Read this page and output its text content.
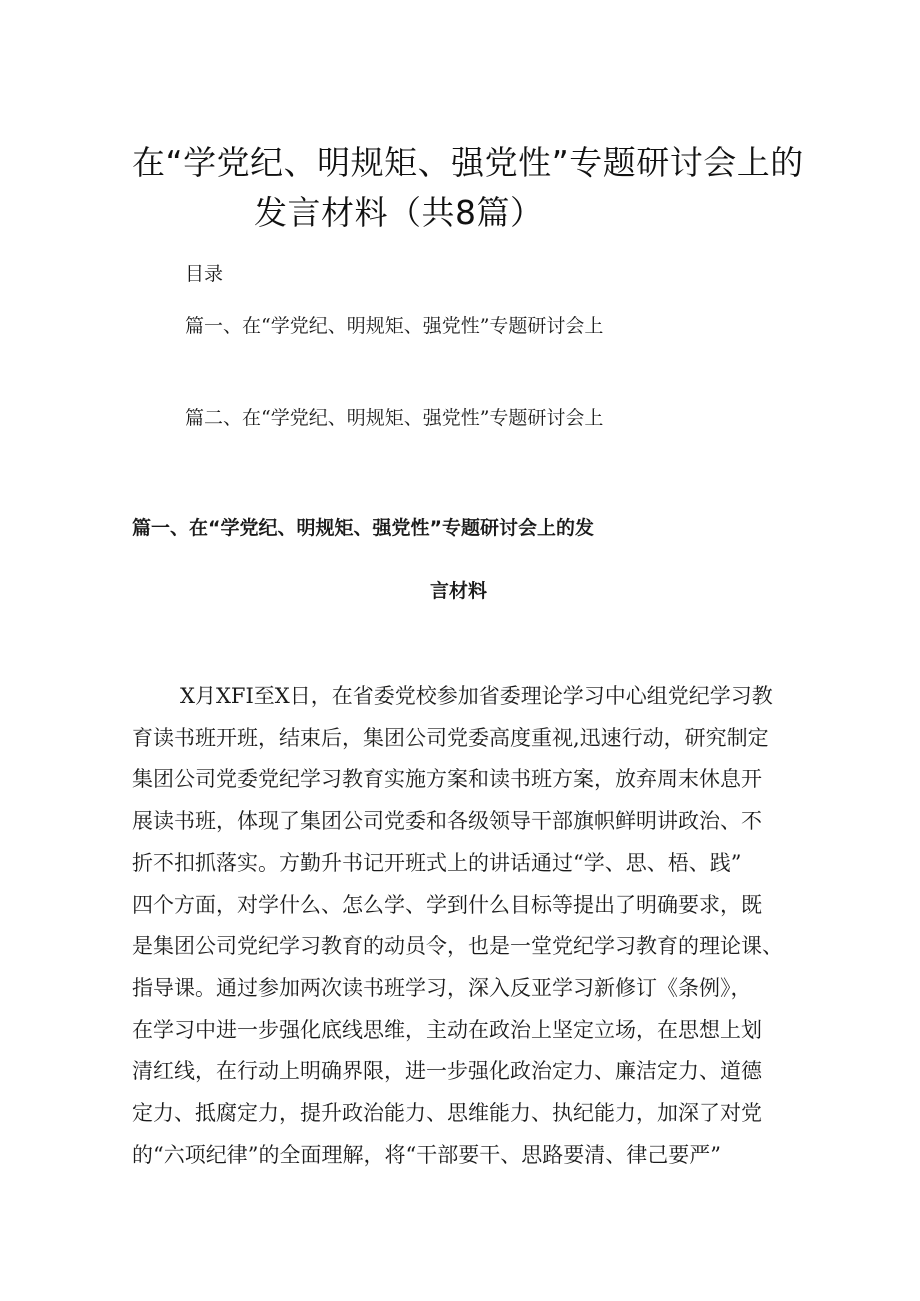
在“学党纪、明规矩、强党性”专题研讨会上的
发言材料（共8篇）
目录
篇一、在“学党纪、明规矩、强党性”专题研讨会上
篇二、在“学党纪、明规矩、强党性”专题研讨会上
篇一、在“学党纪、明规矩、强党性”专题研讨会上的发
言材料
X月XFI至X日，在省委党校参加省委理论学习中心组党纪学习教
育读书班开班，结束后，集团公司党委高度重视,迅速行动，研究制定
集团公司党委党纪学习教育实施方案和读书班方案，放弃周末休息开
展读书班，体现了集团公司党委和各级领导干部旗帜鲜明讲政治、不
折不扣抓落实。方勤升书记开班式上的讲话通过“学、思、梧、践”
四个方面，对学什么、怎么学、学到什么目标等提出了明确要求，既
是集团公司党纪学习教育的动员令，也是一堂党纪学习教育的理论课、
指导课。通过参加两次读书班学习，深入反亚学习新修订《条例》，
在学习中进一步强化底线思维，主动在政治上坚定立场，在思想上划
清红线，在行动上明确界限，进一步强化政治定力、廉洁定力、道德
定力、抵腐定力，提升政治能力、思维能力、执纪能力，加深了对党
的“六项纪律”的全面理解，将“干部要干、思路要清、律己要严”
